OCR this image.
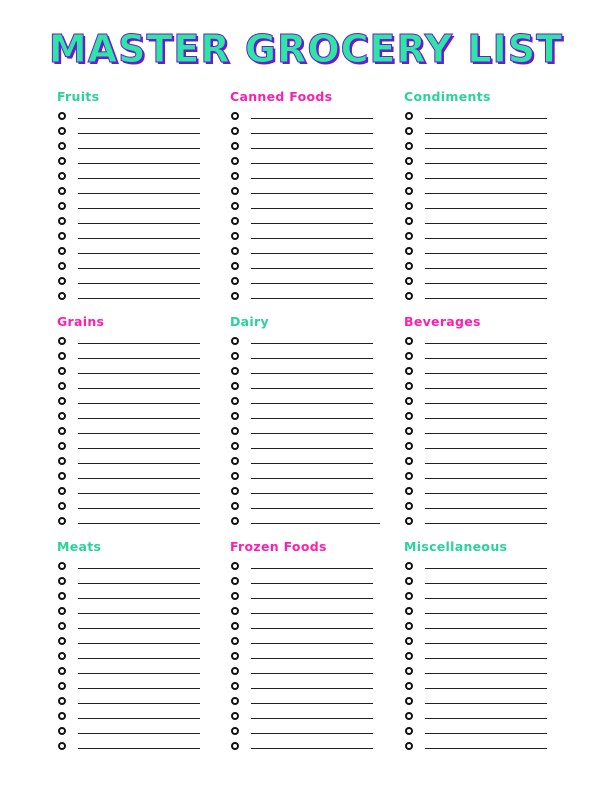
MASTER GROCERY LIST
Fruits	Canned Foods	Condiments
Grains	Dairy	Beverages
Meats	Frozen Foods	Miscellaneous
